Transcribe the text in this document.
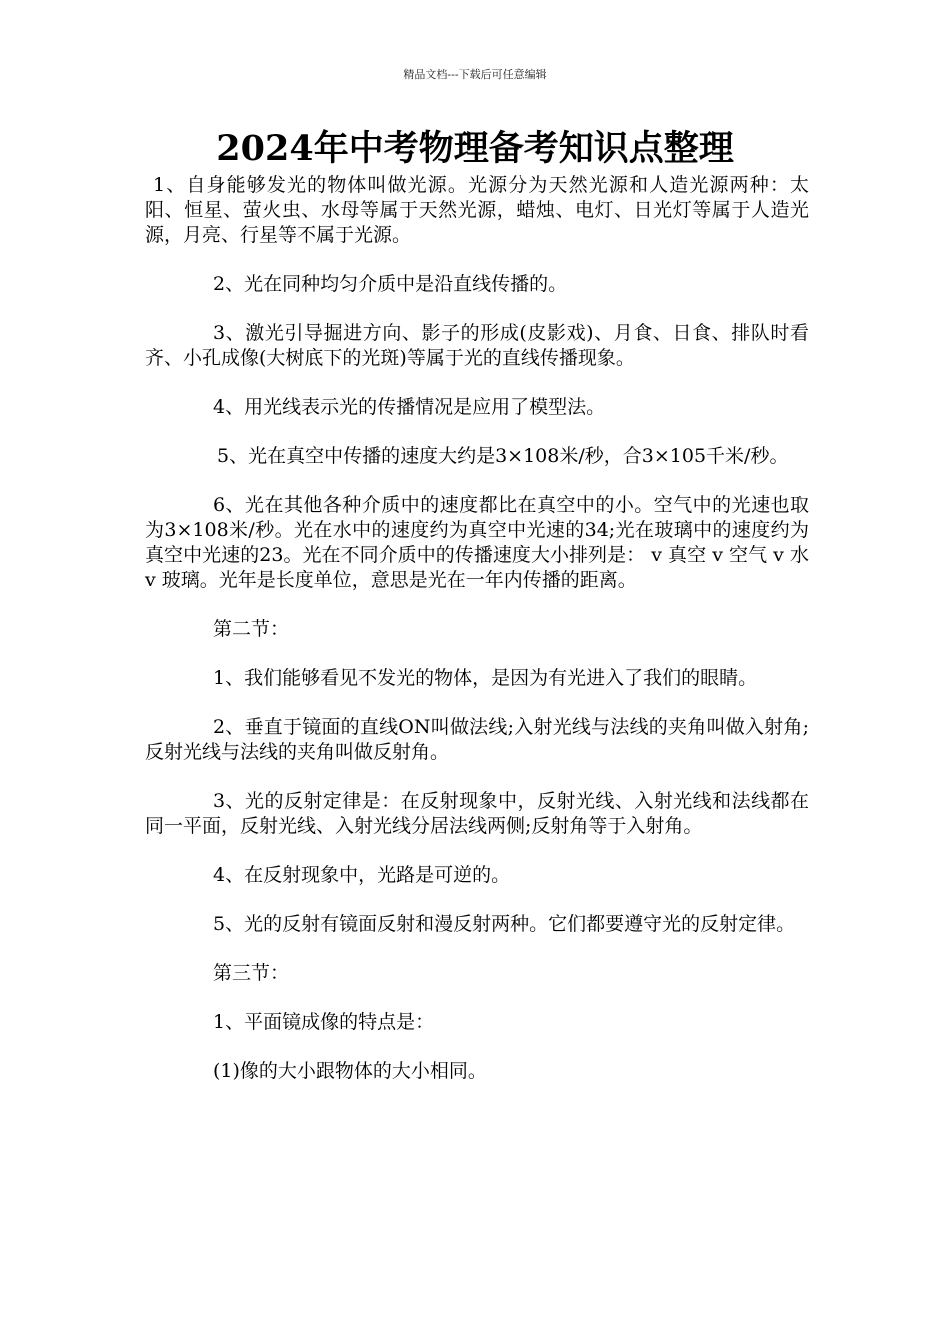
精品文档---下载后可任意编辑
2024年中考物理备考知识点整理

1、自身能够发光的物体叫做光源。光源分为天然光源和人造光源两种：太阳、恒星、萤火虫、水母等属于天然光源，蜡烛、电灯、日光灯等属于人造光源，月亮、行星等不属于光源。

2、光在同种均匀介质中是沿直线传播的。

3、激光引导掘进方向、影子的形成(皮影戏)、月食、日食、排队时看齐、小孔成像(大树底下的光斑)等属于光的直线传播现象。

4、用光线表示光的传播情况是应用了模型法。

5、光在真空中传播的速度大约是3×108米/秒，合3×105千米/秒。

6、光在其他各种介质中的速度都比在真空中的小。空气中的光速也取为3×108米/秒。光在水中的速度约为真空中光速的34;光在玻璃中的速度约为真空中光速的23。光在不同介质中的传播速度大小排列是： v 真空 v 空气 v 水 v 玻璃。光年是长度单位，意思是光在一年内传播的距离。

第二节：

1、我们能够看见不发光的物体，是因为有光进入了我们的眼睛。

2、垂直于镜面的直线ON叫做法线;入射光线与法线的夹角叫做入射角;反射光线与法线的夹角叫做反射角。

3、光的反射定律是：在反射现象中，反射光线、入射光线和法线都在同一平面，反射光线、入射光线分居法线两侧;反射角等于入射角。

4、在反射现象中，光路是可逆的。

5、光的反射有镜面反射和漫反射两种。它们都要遵守光的反射定律。

第三节：

1、平面镜成像的特点是：

(1)像的大小跟物体的大小相同。
